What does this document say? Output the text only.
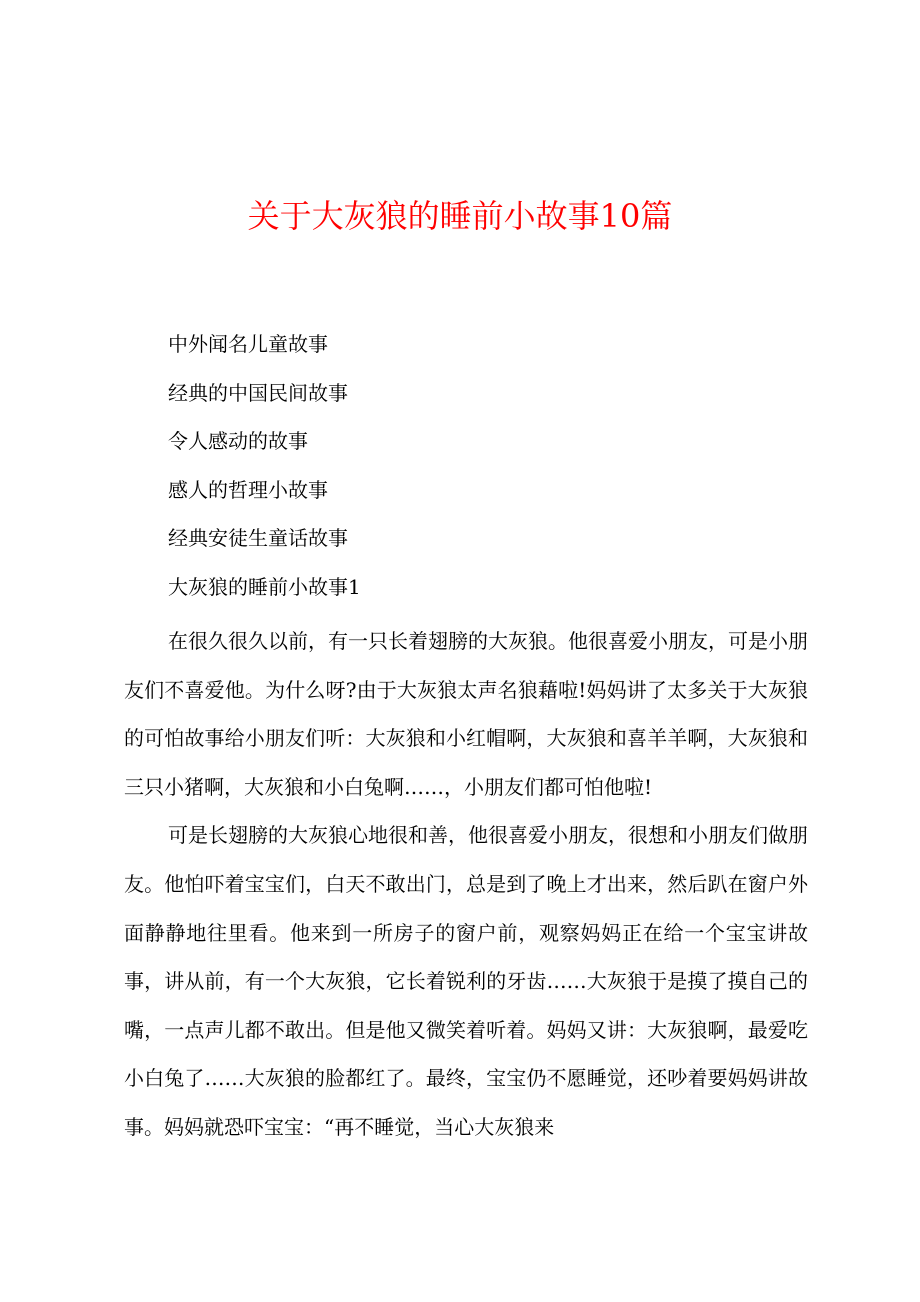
关于大灰狼的睡前小故事10篇
中外闻名儿童故事
经典的中国民间故事
令人感动的故事
感人的哲理小故事
经典安徒生童话故事
大灰狼的睡前小故事1

在很久很久以前，有一只长着翅膀的大灰狼。他很喜爱小朋友，可是小朋友们不喜爱他。为什么呀?由于大灰狼太声名狼藉啦!妈妈讲了太多关于大灰狼的可怕故事给小朋友们听：大灰狼和小红帽啊，大灰狼和喜羊羊啊，大灰狼和三只小猪啊，大灰狼和小白兔啊……，小朋友们都可怕他啦!

可是长翅膀的大灰狼心地很和善，他很喜爱小朋友，很想和小朋友们做朋友。他怕吓着宝宝们，白天不敢出门，总是到了晚上才出来，然后趴在窗户外面静静地往里看。他来到一所房子的窗户前，观察妈妈正在给一个宝宝讲故事，讲从前，有一个大灰狼，它长着锐利的牙齿……大灰狼于是摸了摸自己的嘴，一点声儿都不敢出。但是他又微笑着听着。妈妈又讲：大灰狼啊，最爱吃小白兔了……大灰狼的脸都红了。最终，宝宝仍不愿睡觉，还吵着要妈妈讲故事。妈妈就恐吓宝宝：“再不睡觉，当心大灰狼来
